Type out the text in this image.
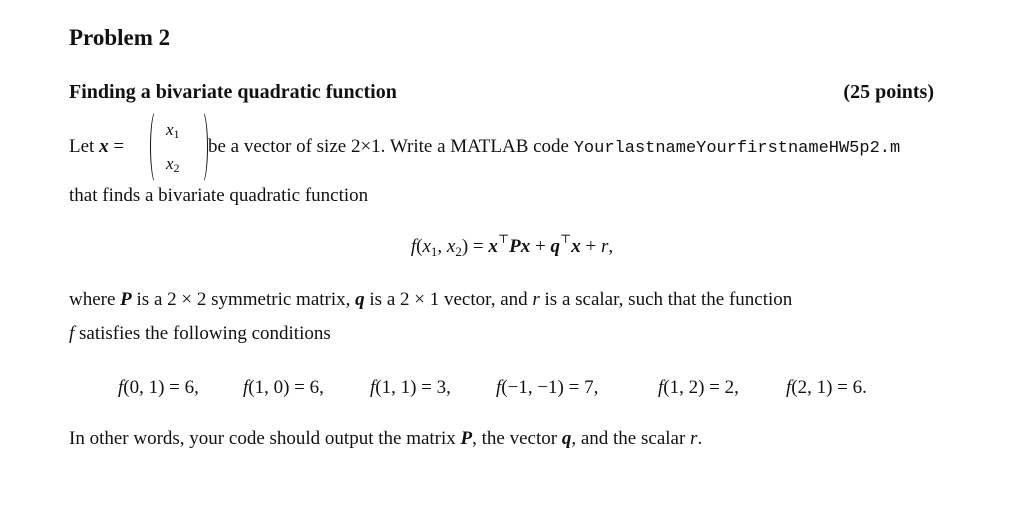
Problem 2
Finding a bivariate quadratic function	(25 points)
Let x =
x1
x2
be a vector of size 2×1. Write a MATLAB code YourlastnameYourfirstnameHW5p2.m
that finds a bivariate quadratic function
$f(x_1$, $x_2) = x^⊤Px + q^⊤x + r$,
where P is a 2 × 2 symmetric matrix, q is a 2 × 1 vector, and r is a scalar, such that the function
f satisfies the following conditions
f(0, 1) = 6, f(1, 0) = 6, f(1, 1) = 3, f(−1, −1) = 7,	f(1, 2) = 2, f(2, 1) = 6.
In other words, your code should output the matrix P, the vector q, and the scalar r.
